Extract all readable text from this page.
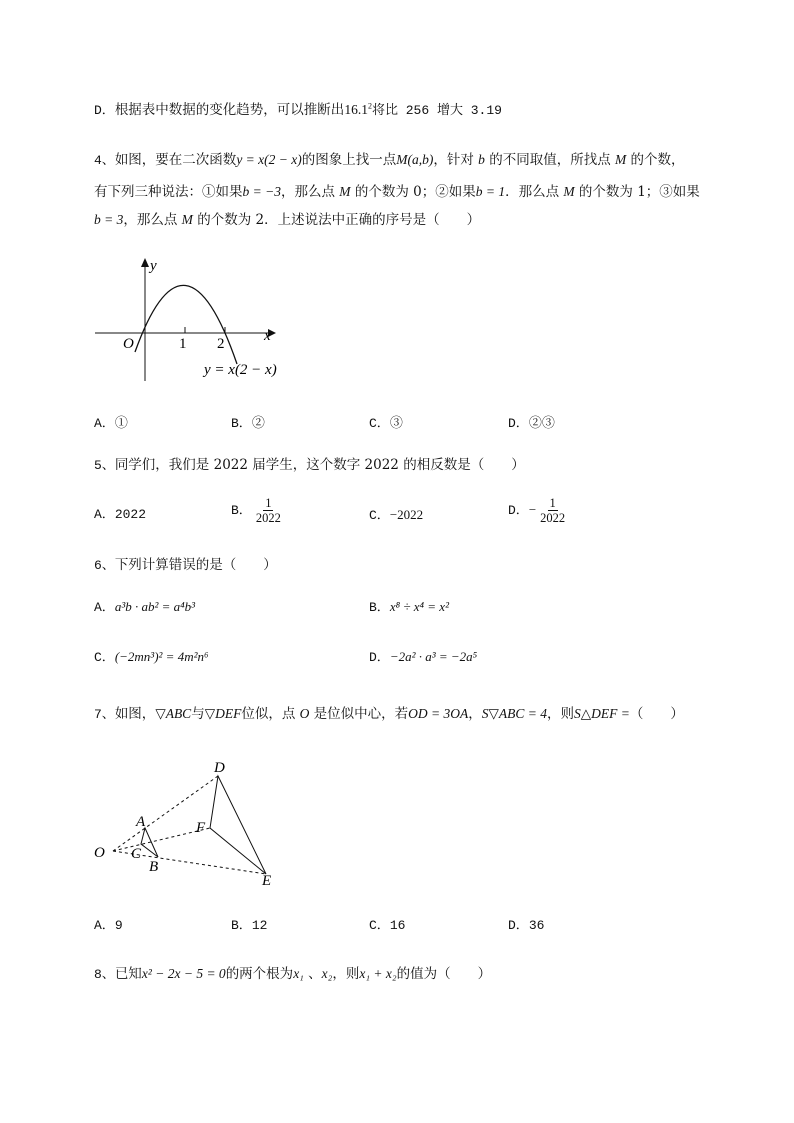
D．根据表中数据的变化趋势，可以推断出16.1$^2$将比 256 增大 3.19
4、如图，要在二次函数y = x(2 − x)的图象上找一点M(a,b)，针对 b 的不同取值，所找点 M 的个数，
有下列三种说法：①如果b = −3，那么点 M 的个数为 0；②如果b = 1．那么点 M 的个数为 1；③如果
b = 3，那么点 M 的个数为 2．上述说法中正确的序号是（　　）
y
x
O	1 2
y = x(2 − x)
A．①	B．②	C．③	D．②③
5、同学们，我们是 2022 届学生，这个数字 2022 的相反数是（　　）
A．2022	B． $\frac{1}{2022}$	C．−2022	D．− $\frac{1}{2022}$
6、下列计算错误的是（　　）
A．a³b · ab² = a⁴b³	B．x⁸ ÷ x⁴ = x²
C．(−2mn³)² = 4m²n⁶	D．−2a² · a³ = −2a⁵
7、如图，▽ABC与▽DEF位似，点 O 是位似中心，若OD = 3OA，S▽ABC = 4，则S△DEF =（　　）
O
A
B
C
D
E
F
A．9	B．12	C．16	D．36
8、已知x² − 2x − 5 = 0的两个根为x₁ 、x₂，则x₁ + x₂的值为（　　）
